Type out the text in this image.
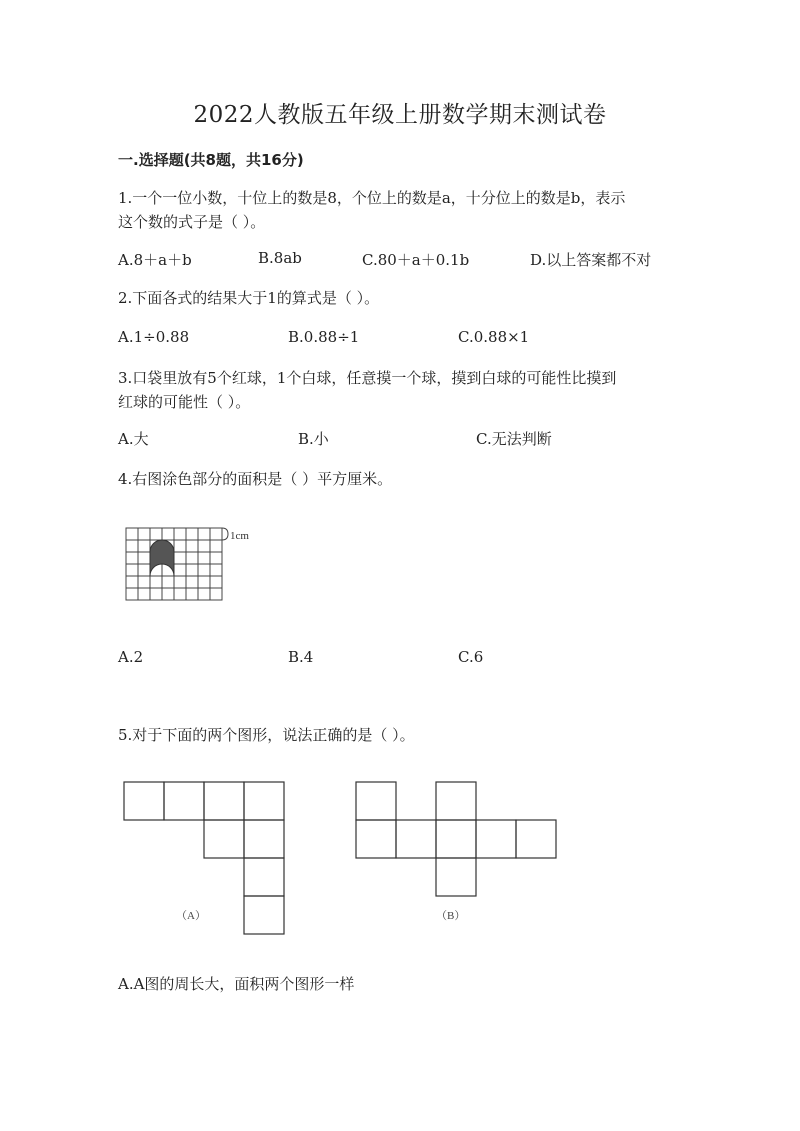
2022人教版五年级上册数学期末测试卷
一.选择题(共8题，共16分)
1.一个一位小数，十位上的数是8，个位上的数是a，十分位上的数是b，表示
这个数的式子是（ ）。
A.8＋a＋b	B.8ab	C.80＋a＋0.1b	D.以上答案都不对
2.下面各式的结果大于1的算式是（ ）。
A.1÷0.88	B.0.88÷1	C.0.88×1
3.口袋里放有5个红球，1个白球，任意摸一个球，摸到白球的可能性比摸到
红球的可能性（ ）。
A.大	B.小	C.无法判断
4.右图涂色部分的面积是（ ）平方厘米。
1cm
A.2	B.4	C.6
5.对于下面的两个图形，说法正确的是（ ）。
（A）	（B）
A.A图的周长大，面积两个图形一样
